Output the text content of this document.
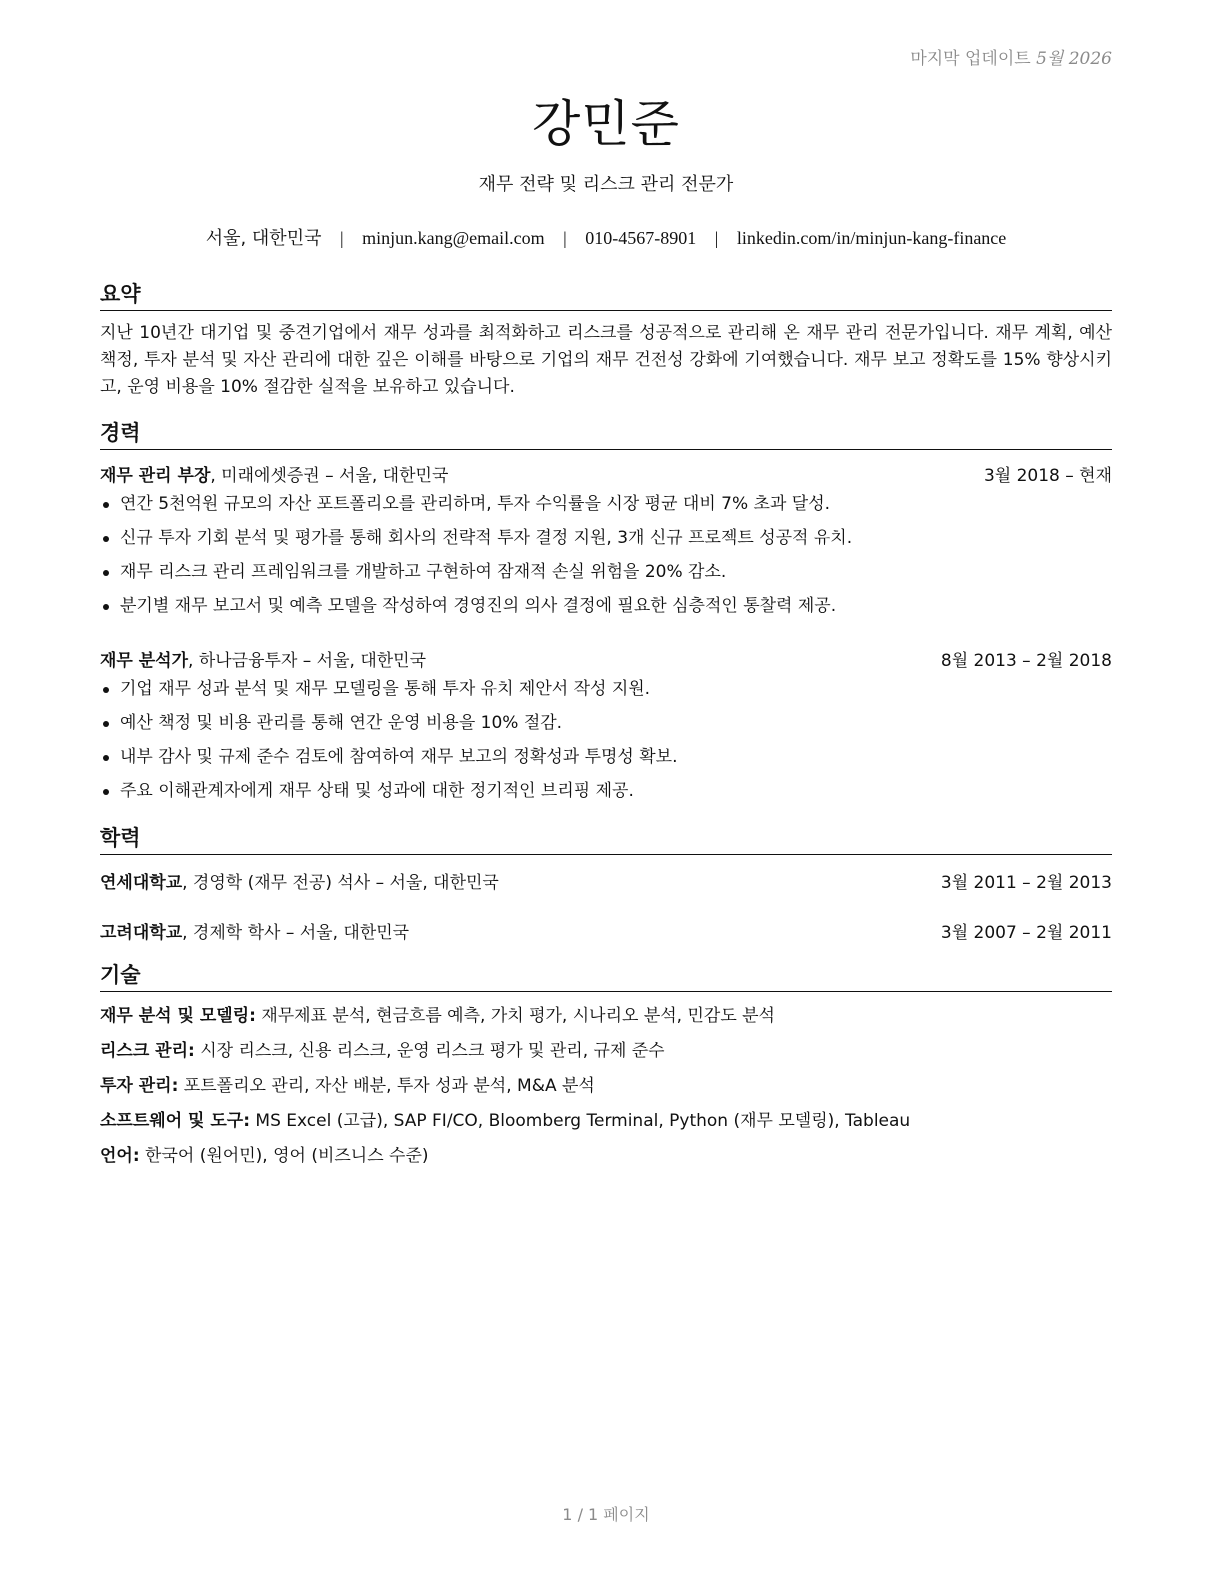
마지막 업데이트 5월 2026
강민준
재무 전략 및 리스크 관리 전문가
서울, 대한민국 | minjun.kang@email.com | 010-4567-8901 | linkedin.com/in/minjun-kang-finance
요약
지난 10년간 대기업 및 중견기업에서 재무 성과를 최적화하고 리스크를 성공적으로 관리해 온 재무 관리 전문가입니다. 재무 계획, 예산 책정, 투자 분석 및 자산 관리에 대한 깊은 이해를 바탕으로 기업의 재무 건전성 강화에 기여했습니다. 재무 보고 정확도를 15% 향상시키고, 운영 비용을 10% 절감한 실적을 보유하고 있습니다.
경력
재무 관리 부장, 미래에셋증권 – 서울, 대한민국	3월 2018 – 현재
연간 5천억원 규모의 자산 포트폴리오를 관리하며, 투자 수익률을 시장 평균 대비 7% 초과 달성.
신규 투자 기회 분석 및 평가를 통해 회사의 전략적 투자 결정 지원, 3개 신규 프로젝트 성공적 유치.
재무 리스크 관리 프레임워크를 개발하고 구현하여 잠재적 손실 위험을 20% 감소.
분기별 재무 보고서 및 예측 모델을 작성하여 경영진의 의사 결정에 필요한 심층적인 통찰력 제공.
재무 분석가, 하나금융투자 – 서울, 대한민국	8월 2013 – 2월 2018
기업 재무 성과 분석 및 재무 모델링을 통해 투자 유치 제안서 작성 지원.
예산 책정 및 비용 관리를 통해 연간 운영 비용을 10% 절감.
내부 감사 및 규제 준수 검토에 참여하여 재무 보고의 정확성과 투명성 확보.
주요 이해관계자에게 재무 상태 및 성과에 대한 정기적인 브리핑 제공.
학력
연세대학교, 경영학 (재무 전공) 석사 – 서울, 대한민국	3월 2011 – 2월 2013
고려대학교, 경제학 학사 – 서울, 대한민국	3월 2007 – 2월 2011
기술
재무 분석 및 모델링: 재무제표 분석, 현금흐름 예측, 가치 평가, 시나리오 분석, 민감도 분석
리스크 관리: 시장 리스크, 신용 리스크, 운영 리스크 평가 및 관리, 규제 준수
투자 관리: 포트폴리오 관리, 자산 배분, 투자 성과 분석, M&A 분석
소프트웨어 및 도구: MS Excel (고급), SAP FI/CO, Bloomberg Terminal, Python (재무 모델링), Tableau
언어: 한국어 (원어민), 영어 (비즈니스 수준)
1 / 1 페이지
